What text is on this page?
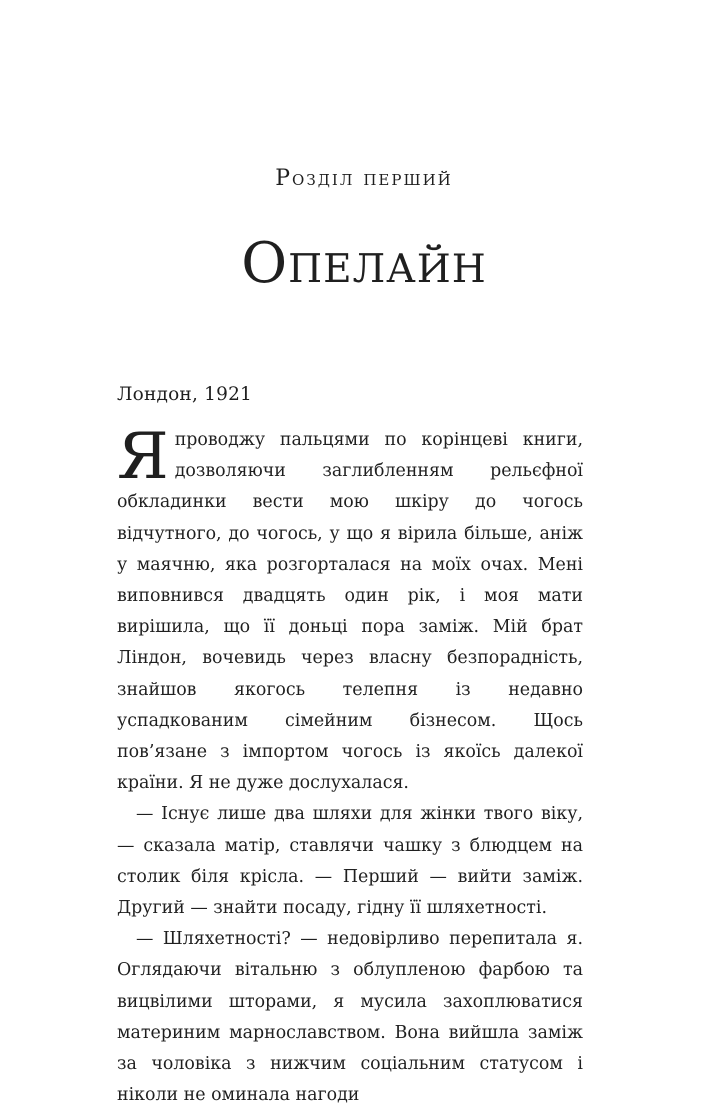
Розділ перший
Опелайн
Лондон, 1921

Япроводжу пальцями по корінцеві книги, дозволяючи заглибленням рельєфної обкладинки вести мою шкіру до чогось відчутного, до чогось, у що я вірила більше, аніж у маячню, яка розгорталася на моїх очах. Мені виповнився двадцять один рік, і моя мати вирішила, що її доньці пора заміж. Мій брат Ліндон, вочевидь через власну безпорадність, знайшов якогось телепня із недавно успадкованим сімейним бізнесом. Щось пов’язане з імпортом чогось із якоїсь далекої країни. Я не дуже дослухалася.

— Існує лише два шляхи для жінки твого віку, — сказала матір, ставлячи чашку з блюдцем на столик біля крісла. — Перший — вийти заміж. Другий — знайти посаду, гідну її шляхетності.

— Шляхетності? — недовірливо перепитала я. Оглядаючи вітальню з облупленою фарбою та вицвілими шторами, я мусила захоплюватися материним марнославством. Вона вийшла заміж за чоловіка з нижчим соціальним статусом і ніколи не оминала нагоди
